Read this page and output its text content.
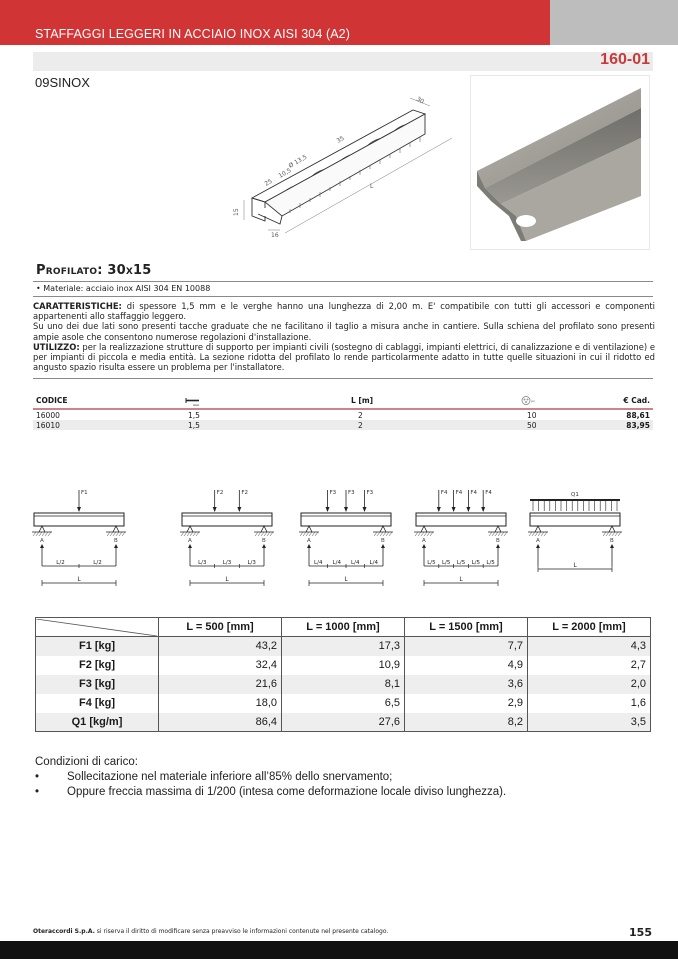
STAFFAGGI LEGGERI IN ACCIAIO INOX AISI 304 (A2)
160-01
09SINOX
30
35
Ø 13,5
10,5
25
15
16
L
Profilato: 30x15
• Materiale: acciaio inox AISI 304 EN 10088
CARATTERISTICHE: di spessore 1,5 mm e le verghe hanno una lunghezza di 2,00 m. E' compatibile con tutti gli accessori e componenti appartenenti allo staffaggio leggero.
Su uno dei due lati sono presenti tacche graduate che ne facilitano il taglio a misura anche in cantiere. Sulla schiena del profilato sono presenti ampie asole che consentono numerose regolazioni d'installazione.
UTILIZZO: per la realizzazione strutture di supporto per impianti civili (sostegno di cablaggi, impianti elettrici, di canalizzazione e di ventilazione) e per impianti di piccola e media entità. La sezione ridotta del profilato lo rende particolarmente adatto in tutte quelle situazioni in cui il ridotto ed angusto spazio risulta essere un problema per l'installatore.
CODICE	mm	L [m]	pz	€ Cad.
16000	1,5	2	10	88,61
16010	1,5	2	50	83,95
A	B
F1
L/2	L/2
L
A	B
F2	F2
L/3	L/3	L/3
L
A	B
F3 F3 F3
L/4 L/4 L/4 L/4
L
A	B
F4 F4 F4 F4
L/5 L/5 L/5 L/5 L/5
L
A	B
Q1
L
	L = 500 [mm]	L = 1000 [mm]	L = 1500 [mm]	L = 2000 [mm]
F1 [kg]	43,2	17,3	7,7	4,3
F2 [kg]	32,4	10,9	4,9	2,7
F3 [kg]	21,6	8,1	3,6	2,0
F4 [kg]	18,0	6,5	2,9	1,6
Q1 [kg/m]	86,4	27,6	8,2	3,5
Condizioni di carico:
• Sollecitazione nel materiale inferiore all’85% dello snervamento;
• Oppure freccia massima di 1/200 (intesa come deformazione locale diviso lunghezza).
Oteraccordi S.p.A. si riserva il diritto di modificare senza preavviso le informazioni contenute nel presente catalogo.	155
